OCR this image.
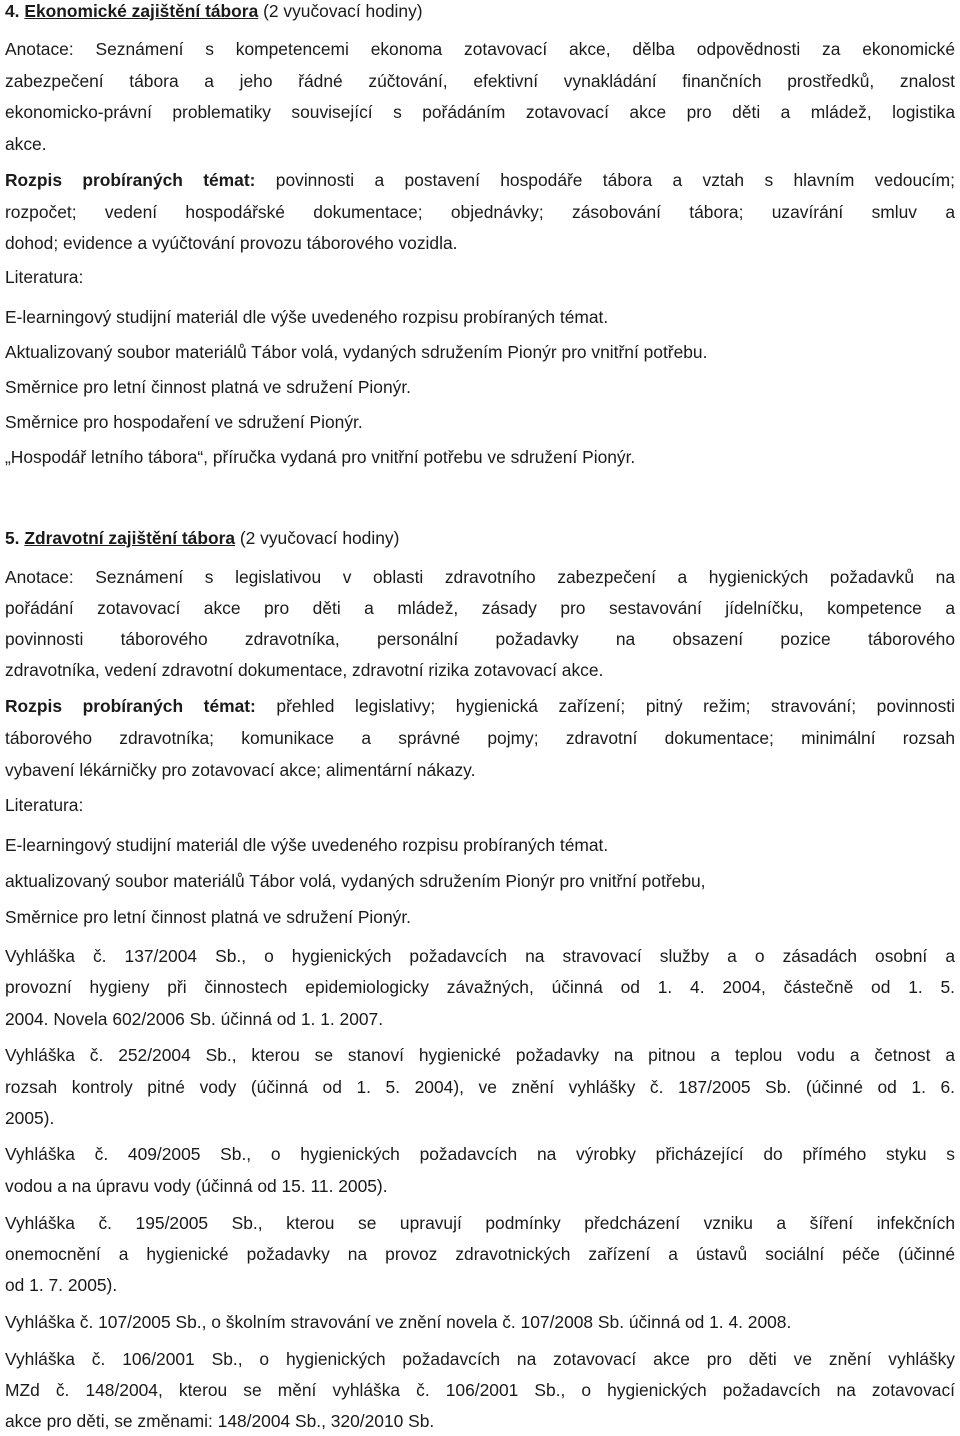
4. Ekonomické zajištění tábora (2 vyučovací hodiny)
Anotace: Seznámení s kompetencemi ekonoma zotavovací akce, dělba odpovědnosti za ekonomické
zabezpečení tábora a jeho řádné zúčtování, efektivní vynakládání finančních prostředků, znalost
ekonomicko-právní problematiky související s pořádáním zotavovací akce pro děti a mládež, logistika
akce.
Rozpis probíraných témat: povinnosti a postavení hospodáře tábora a vztah s hlavním vedoucím;
rozpočet; vedení hospodářské dokumentace; objednávky; zásobování tábora; uzavírání smluv a
dohod; evidence a vyúčtování provozu táborového vozidla.
Literatura:
E-learningový studijní materiál dle výše uvedeného rozpisu probíraných témat.
Aktualizovaný soubor materiálů Tábor volá, vydaných sdružením Pionýr pro vnitřní potřebu.
Směrnice pro letní činnost platná ve sdružení Pionýr.
Směrnice pro hospodaření ve sdružení Pionýr.
„Hospodář letního tábora“, příručka vydaná pro vnitřní potřebu ve sdružení Pionýr.
5. Zdravotní zajištění tábora (2 vyučovací hodiny)
Anotace: Seznámení s legislativou v oblasti zdravotního zabezpečení a hygienických požadavků na
pořádání zotavovací akce pro děti a mládež, zásady pro sestavování jídelníčku, kompetence a
povinnosti táborového zdravotníka, personální požadavky na obsazení pozice táborového
zdravotníka, vedení zdravotní dokumentace, zdravotní rizika zotavovací akce.
Rozpis probíraných témat: přehled legislativy; hygienická zařízení; pitný režim; stravování; povinnosti
táborového zdravotníka; komunikace a správné pojmy; zdravotní dokumentace; minimální rozsah
vybavení lékárničky pro zotavovací akce; alimentární nákazy.
Literatura:
E-learningový studijní materiál dle výše uvedeného rozpisu probíraných témat.
aktualizovaný soubor materiálů Tábor volá, vydaných sdružením Pionýr pro vnitřní potřebu,
Směrnice pro letní činnost platná ve sdružení Pionýr.
Vyhláška č. 137/2004 Sb., o hygienických požadavcích na stravovací služby a o zásadách osobní a
provozní hygieny při činnostech epidemiologicky závažných, účinná od 1. 4. 2004, částečně od 1. 5.
2004. Novela 602/2006 Sb. účinná od 1. 1. 2007.
Vyhláška č. 252/2004 Sb., kterou se stanoví hygienické požadavky na pitnou a teplou vodu a četnost a
rozsah kontroly pitné vody (účinná od 1. 5. 2004), ve znění vyhlášky č. 187/2005 Sb. (účinné od 1. 6.
2005).
Vyhláška č. 409/2005 Sb., o hygienických požadavcích na výrobky přicházející do přímého styku s
vodou a na úpravu vody (účinná od 15. 11. 2005).
Vyhláška č. 195/2005 Sb., kterou se upravují podmínky předcházení vzniku a šíření infekčních
onemocnění a hygienické požadavky na provoz zdravotnických zařízení a ústavů sociální péče (účinné
od 1. 7. 2005).
Vyhláška č. 107/2005 Sb., o školním stravování ve znění novela č. 107/2008 Sb. účinná od 1. 4. 2008.
Vyhláška č. 106/2001 Sb., o hygienických požadavcích na zotavovací akce pro děti ve znění vyhlášky
MZd č. 148/2004, kterou se mění vyhláška č. 106/2001 Sb., o hygienických požadavcích na zotavovací
akce pro děti, se změnami: 148/2004 Sb., 320/2010 Sb.
